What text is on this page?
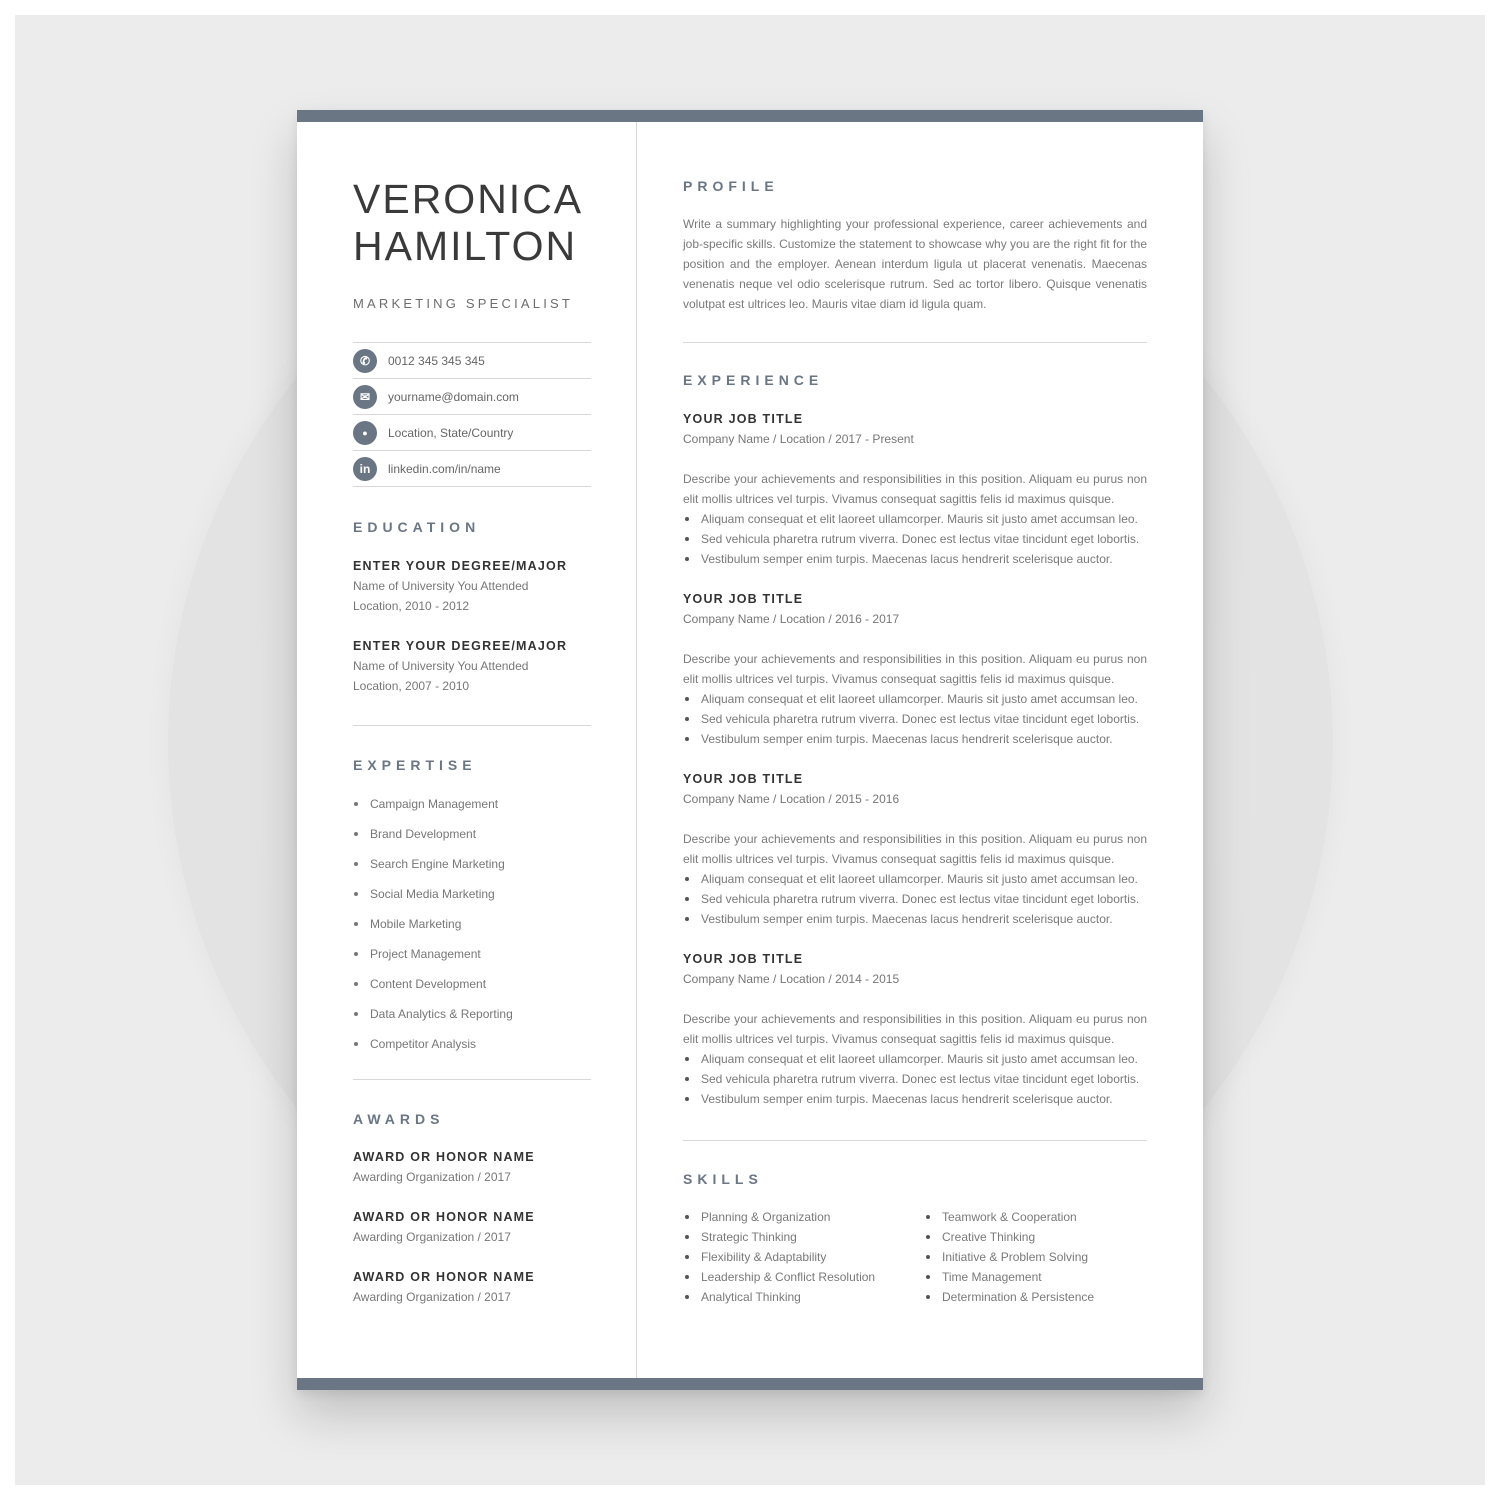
VERONICA
HAMILTON
MARKETING SPECIALIST
✆	0012 345 345 345
✉	yourname@domain.com
●	Location, State/Country
in	linkedin.com/in/name
EDUCATION
ENTER YOUR DEGREE/MAJOR
Name of University You Attended
Location, 2010 - 2012
ENTER YOUR DEGREE/MAJOR
Name of University You Attended
Location, 2007 - 2010
EXPERTISE
Campaign Management
Brand Development
Search Engine Marketing
Social Media Marketing
Mobile Marketing
Project Management
Content Development
Data Analytics & Reporting
Competitor Analysis
AWARDS
AWARD OR HONOR NAME
Awarding Organization / 2017
AWARD OR HONOR NAME
Awarding Organization / 2017
AWARD OR HONOR NAME
Awarding Organization / 2017
PROFILE
Write a summary highlighting your professional experience, career achievements and job-specific skills. Customize the statement to showcase why you are the right fit for the position and the employer. Aenean interdum ligula ut placerat venenatis. Maecenas venenatis neque vel odio scelerisque rutrum. Sed ac tortor libero. Quisque venenatis volutpat est ultrices leo. Mauris vitae diam id ligula quam.
EXPERIENCE
YOUR JOB TITLE
Company Name / Location / 2017 - Present
Describe your achievements and responsibilities in this position. Aliquam eu purus non elit mollis ultrices vel turpis. Vivamus consequat sagittis felis id maximus quisque.
Aliquam consequat et elit laoreet ullamcorper. Mauris sit justo amet accumsan leo.
Sed vehicula pharetra rutrum viverra. Donec est lectus vitae tincidunt eget lobortis.
Vestibulum semper enim turpis. Maecenas lacus hendrerit scelerisque auctor.
YOUR JOB TITLE
Company Name / Location / 2016 - 2017
Describe your achievements and responsibilities in this position. Aliquam eu purus non elit mollis ultrices vel turpis. Vivamus consequat sagittis felis id maximus quisque.
Aliquam consequat et elit laoreet ullamcorper. Mauris sit justo amet accumsan leo.
Sed vehicula pharetra rutrum viverra. Donec est lectus vitae tincidunt eget lobortis.
Vestibulum semper enim turpis. Maecenas lacus hendrerit scelerisque auctor.
YOUR JOB TITLE
Company Name / Location / 2015 - 2016
Describe your achievements and responsibilities in this position. Aliquam eu purus non elit mollis ultrices vel turpis. Vivamus consequat sagittis felis id maximus quisque.
Aliquam consequat et elit laoreet ullamcorper. Mauris sit justo amet accumsan leo.
Sed vehicula pharetra rutrum viverra. Donec est lectus vitae tincidunt eget lobortis.
Vestibulum semper enim turpis. Maecenas lacus hendrerit scelerisque auctor.
YOUR JOB TITLE
Company Name / Location / 2014 - 2015
Describe your achievements and responsibilities in this position. Aliquam eu purus non elit mollis ultrices vel turpis. Vivamus consequat sagittis felis id maximus quisque.
Aliquam consequat et elit laoreet ullamcorper. Mauris sit justo amet accumsan leo.
Sed vehicula pharetra rutrum viverra. Donec est lectus vitae tincidunt eget lobortis.
Vestibulum semper enim turpis. Maecenas lacus hendrerit scelerisque auctor.
SKILLS
Planning & Organization
Strategic Thinking
Flexibility & Adaptability
Leadership & Conflict Resolution
Analytical Thinking
Teamwork & Cooperation
Creative Thinking
Initiative & Problem Solving
Time Management
Determination & Persistence
